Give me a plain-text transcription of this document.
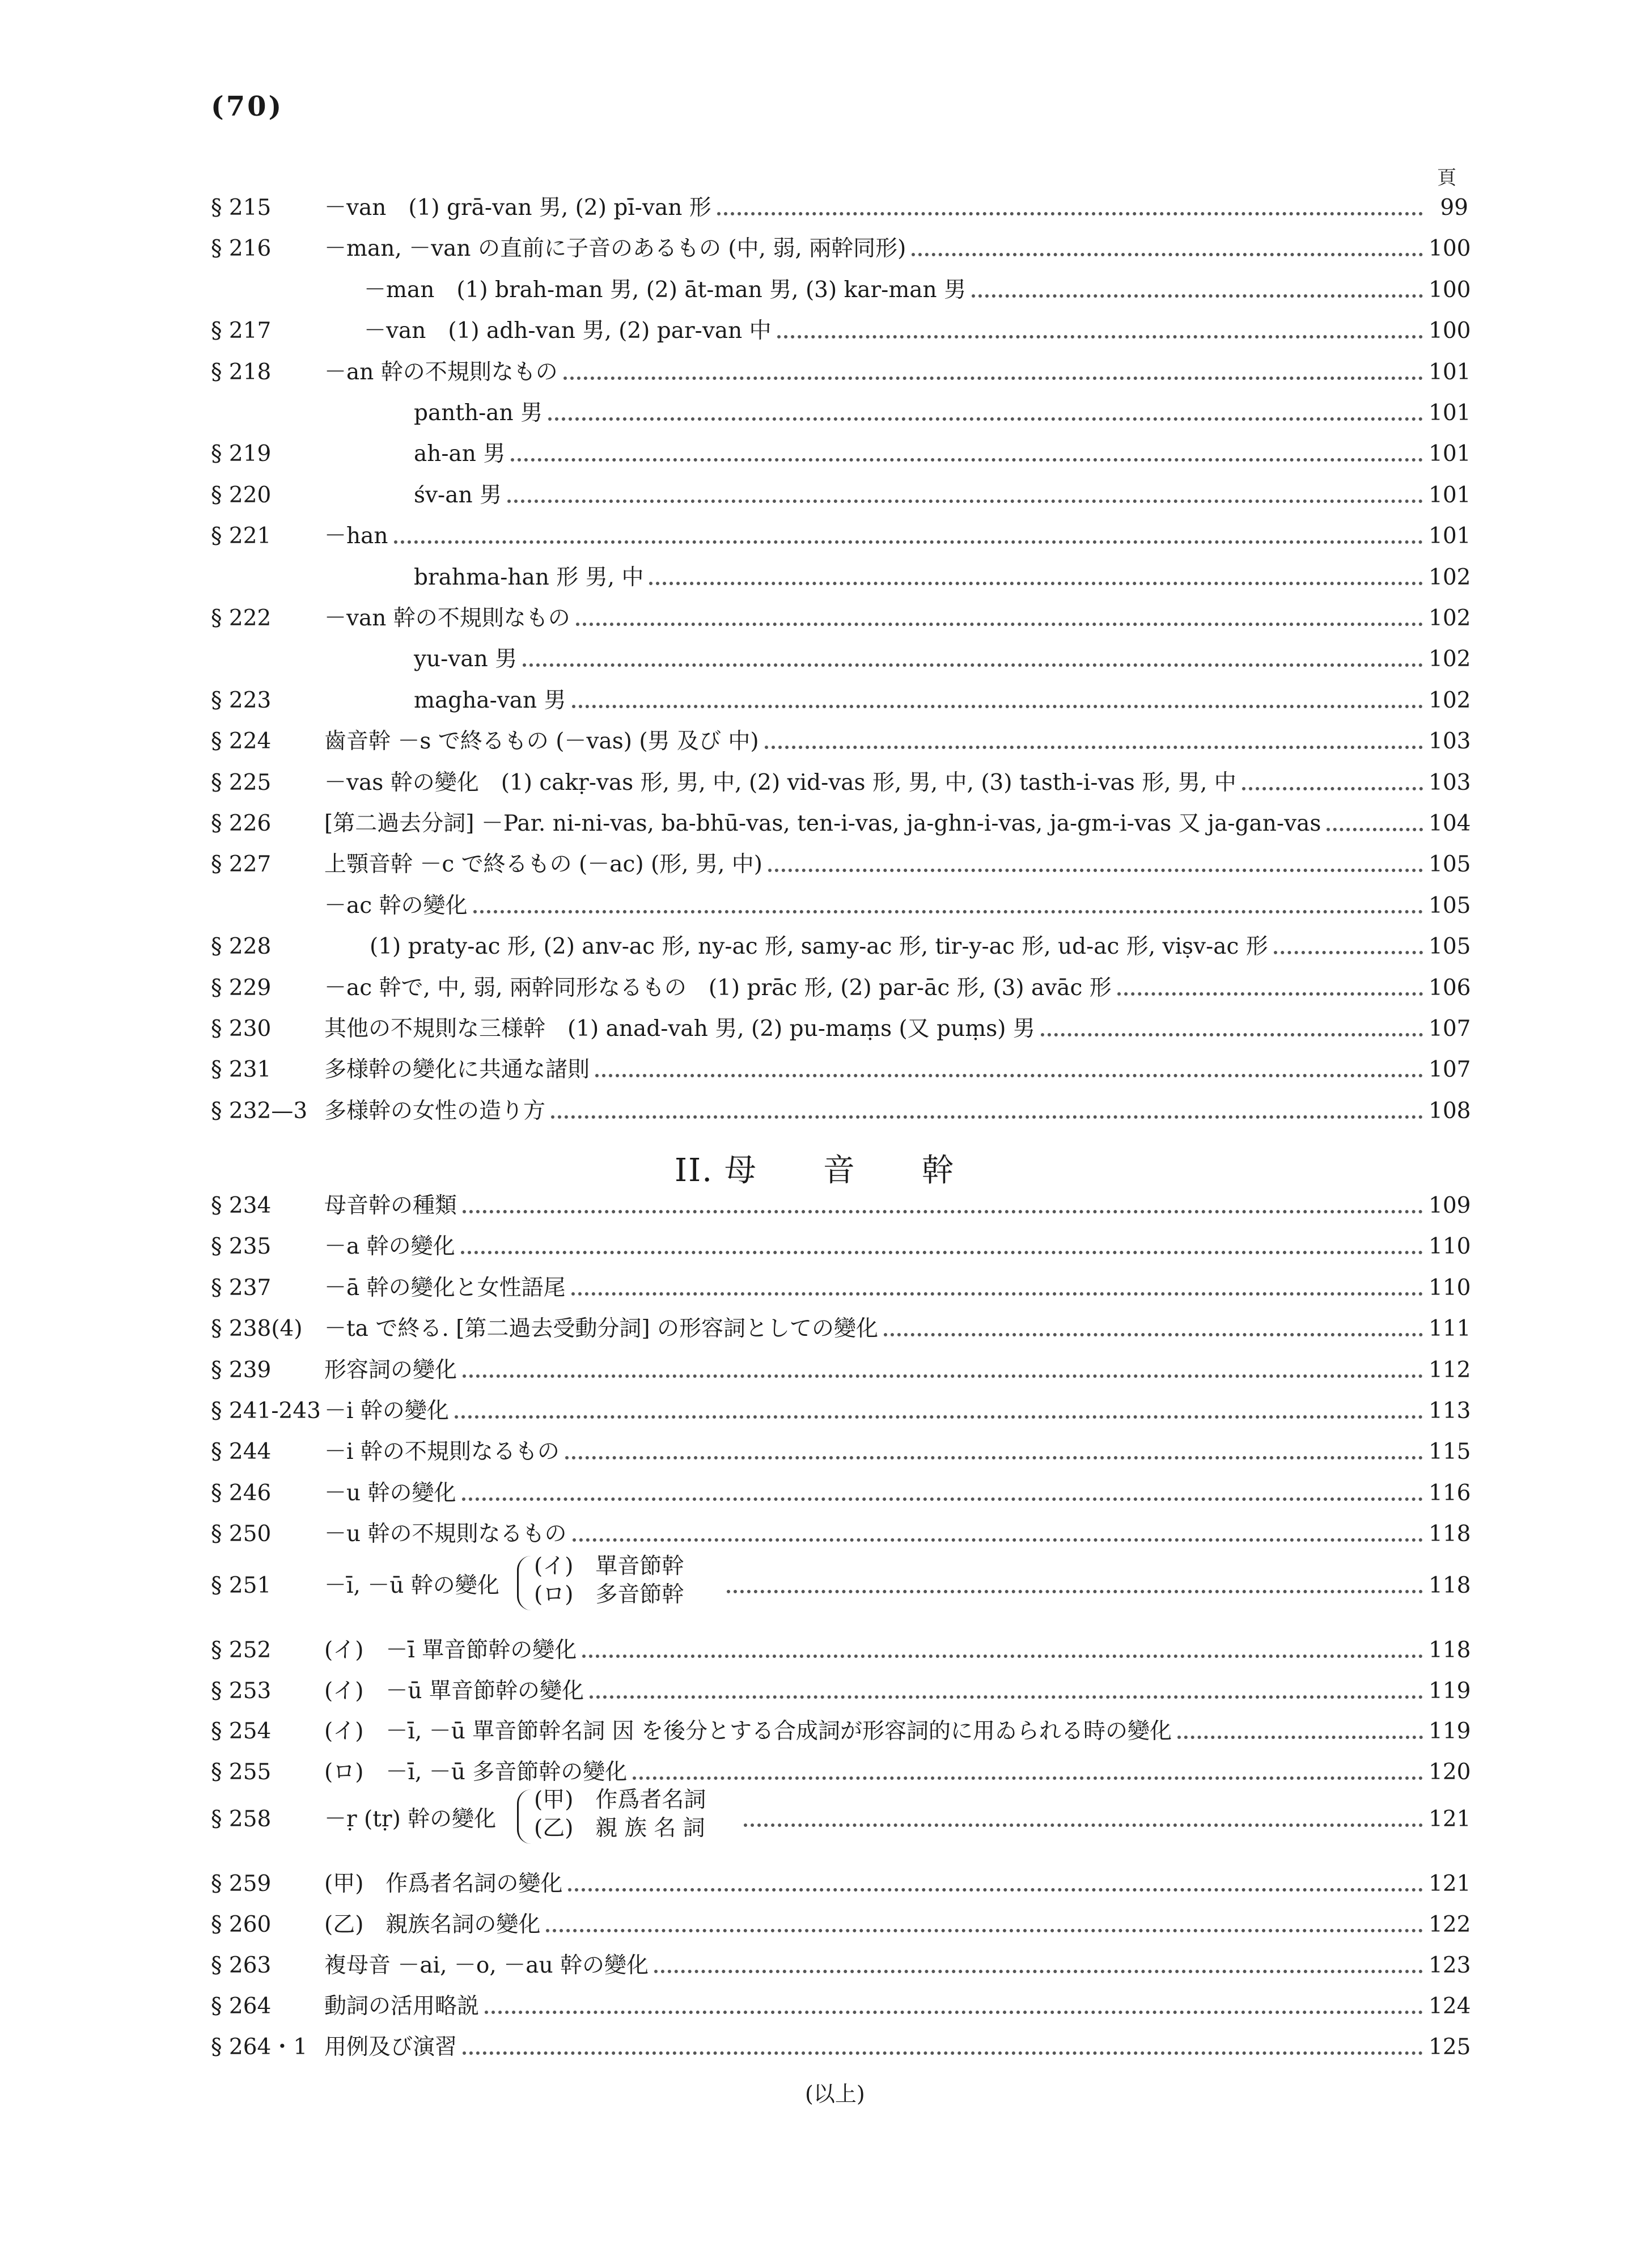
(70)
頁
§ 215	－van　(1) grā-van 男, (2) pī-van 形	99
§ 216	－man, －van の直前に子音のあるもの (中, 弱, 兩幹同形)	100
－man　(1) brah-man 男, (2) āt-man 男, (3) kar-man 男	100
§ 217	－van　(1) adh-van 男, (2) par-van 中	100
§ 218	－an 幹の不規則なもの	101
panth-an 男	101
§ 219	ah-an 男	101
§ 220	śv-an 男	101
§ 221	－han	101
brahma-han 形 男, 中	102
§ 222	－van 幹の不規則なもの	102
yu-van 男	102
§ 223	magha-van 男	102
§ 224	齒音幹 －s で終るもの (－vas) (男 及び 中)	103
§ 225	－vas 幹の變化　(1) cakṛ-vas 形, 男, 中, (2) vid-vas 形, 男, 中, (3) tasth-i-vas 形, 男, 中	103
§ 226	[第二過去分詞] －Par. ni-ni-vas, ba-bhū-vas, ten-i-vas, ja-ghn-i-vas, ja-gm-i-vas 又 ja-gan-vas	104
§ 227	上顎音幹 －c で終るもの (－ac) (形, 男, 中)	105
－ac 幹の變化	105
§ 228	(1) praty-ac 形, (2) anv-ac 形, ny-ac 形, samy-ac 形, tir-y-ac 形, ud-ac 形, viṣv-ac 形	105
§ 229	－ac 幹で, 中, 弱, 兩幹同形なるもの　(1) prāc 形, (2) par-āc 形, (3) avāc 形	106
§ 230	其他の不規則な三様幹　(1) anad-vah 男, (2) pu-maṃs (又 puṃs) 男	107
§ 231	多様幹の變化に共通な諸則	107
§ 232—3 多様幹の女性の造り方	108
II. 母　　音　　幹
§ 234	母音幹の種類	109
§ 235	－a 幹の變化	110
§ 237	－ā 幹の變化と女性語尾	110
§ 238(4) －ta で終る. [第二過去受動分詞] の形容詞としての變化	111
§ 239	形容詞の變化	112
§ 241-243 －i 幹の變化	113
§ 244	－i 幹の不規則なるもの	115
§ 246	－u 幹の變化	116
§ 250	－u 幹の不規則なるもの	118
§ 251	－ī, －ū 幹の變化
(イ)　單音節幹
(ロ)　多音節幹	118
§ 252	(イ)　－ī 單音節幹の變化	118
§ 253	(イ)　－ū 單音節幹の變化	119
§ 254	(イ)　－ī, －ū 單音節幹名詞 因 を後分とする合成詞が形容詞的に用ゐられる時の變化	119
§ 255	(ロ)　－ī, －ū 多音節幹の變化	120
§ 258	－ṛ (tṛ) 幹の變化
(甲)　作爲者名詞
(乙)　親 族 名 詞	121
§ 259	(甲)　作爲者名詞の變化	121
§ 260	(乙)　親族名詞の變化	122
§ 263	複母音 －ai, －o, －au 幹の變化	123
§ 264	動詞の活用略説	124
§ 264・1 用例及び演習	125
(以上)
